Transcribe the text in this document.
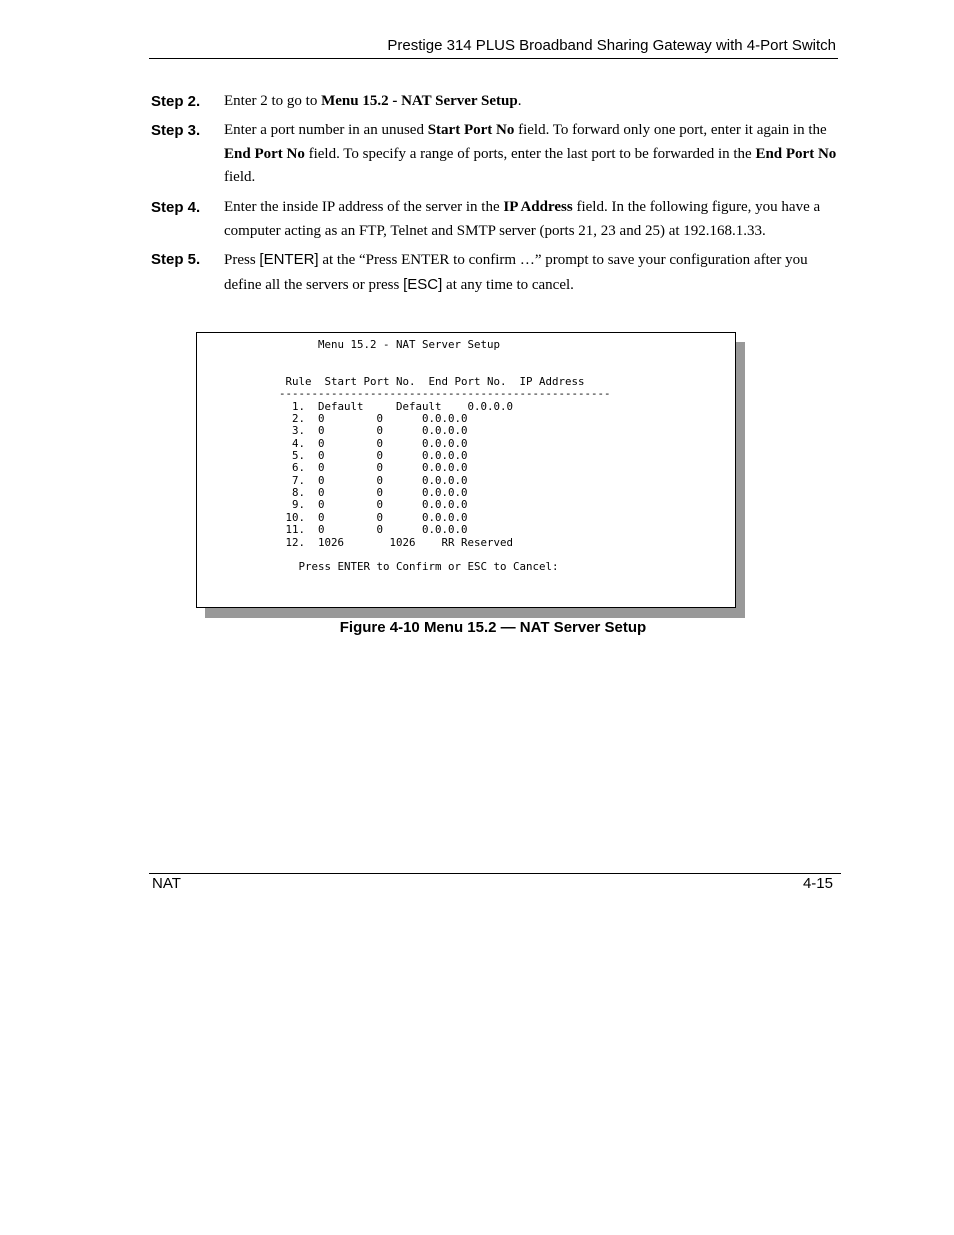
Prestige 314 PLUS Broadband Sharing Gateway with 4-Port Switch
Step 2. Enter 2 to go to Menu 15.2 - NAT Server Setup.
Step 3. Enter a port number in an unused Start Port No field. To forward only one port, enter it again in the End Port No field. To specify a range of ports, enter the last port to be forwarded in the End Port No field.
Step 4. Enter the inside IP address of the server in the IP Address field. In the following figure, you have a computer acting as an FTP, Telnet and SMTP server (ports 21, 23 and 25) at 192.168.1.33.
Step 5. Press [ENTER] at the “Press ENTER to confirm …” prompt to save your configuration after you define all the servers or press [ESC] at any time to cancel.
Menu 15.2 - NAT Server Setup

Rule  Start Port No.  End Port No.  IP Address
---------------------------------------------------
1.  Default     Default    0.0.0.0
2.  0        0      0.0.0.0
3.  0        0      0.0.0.0
4.  0        0      0.0.0.0
5.  0        0      0.0.0.0
6.  0        0      0.0.0.0
7.  0        0      0.0.0.0
8.  0        0      0.0.0.0
9.  0        0      0.0.0.0
10.  0        0      0.0.0.0
11.  0        0      0.0.0.0
12.  1026       1026    RR Reserved

Press ENTER to Confirm or ESC to Cancel:
Figure 4-10 Menu 15.2 — NAT Server Setup
NAT	4-15
